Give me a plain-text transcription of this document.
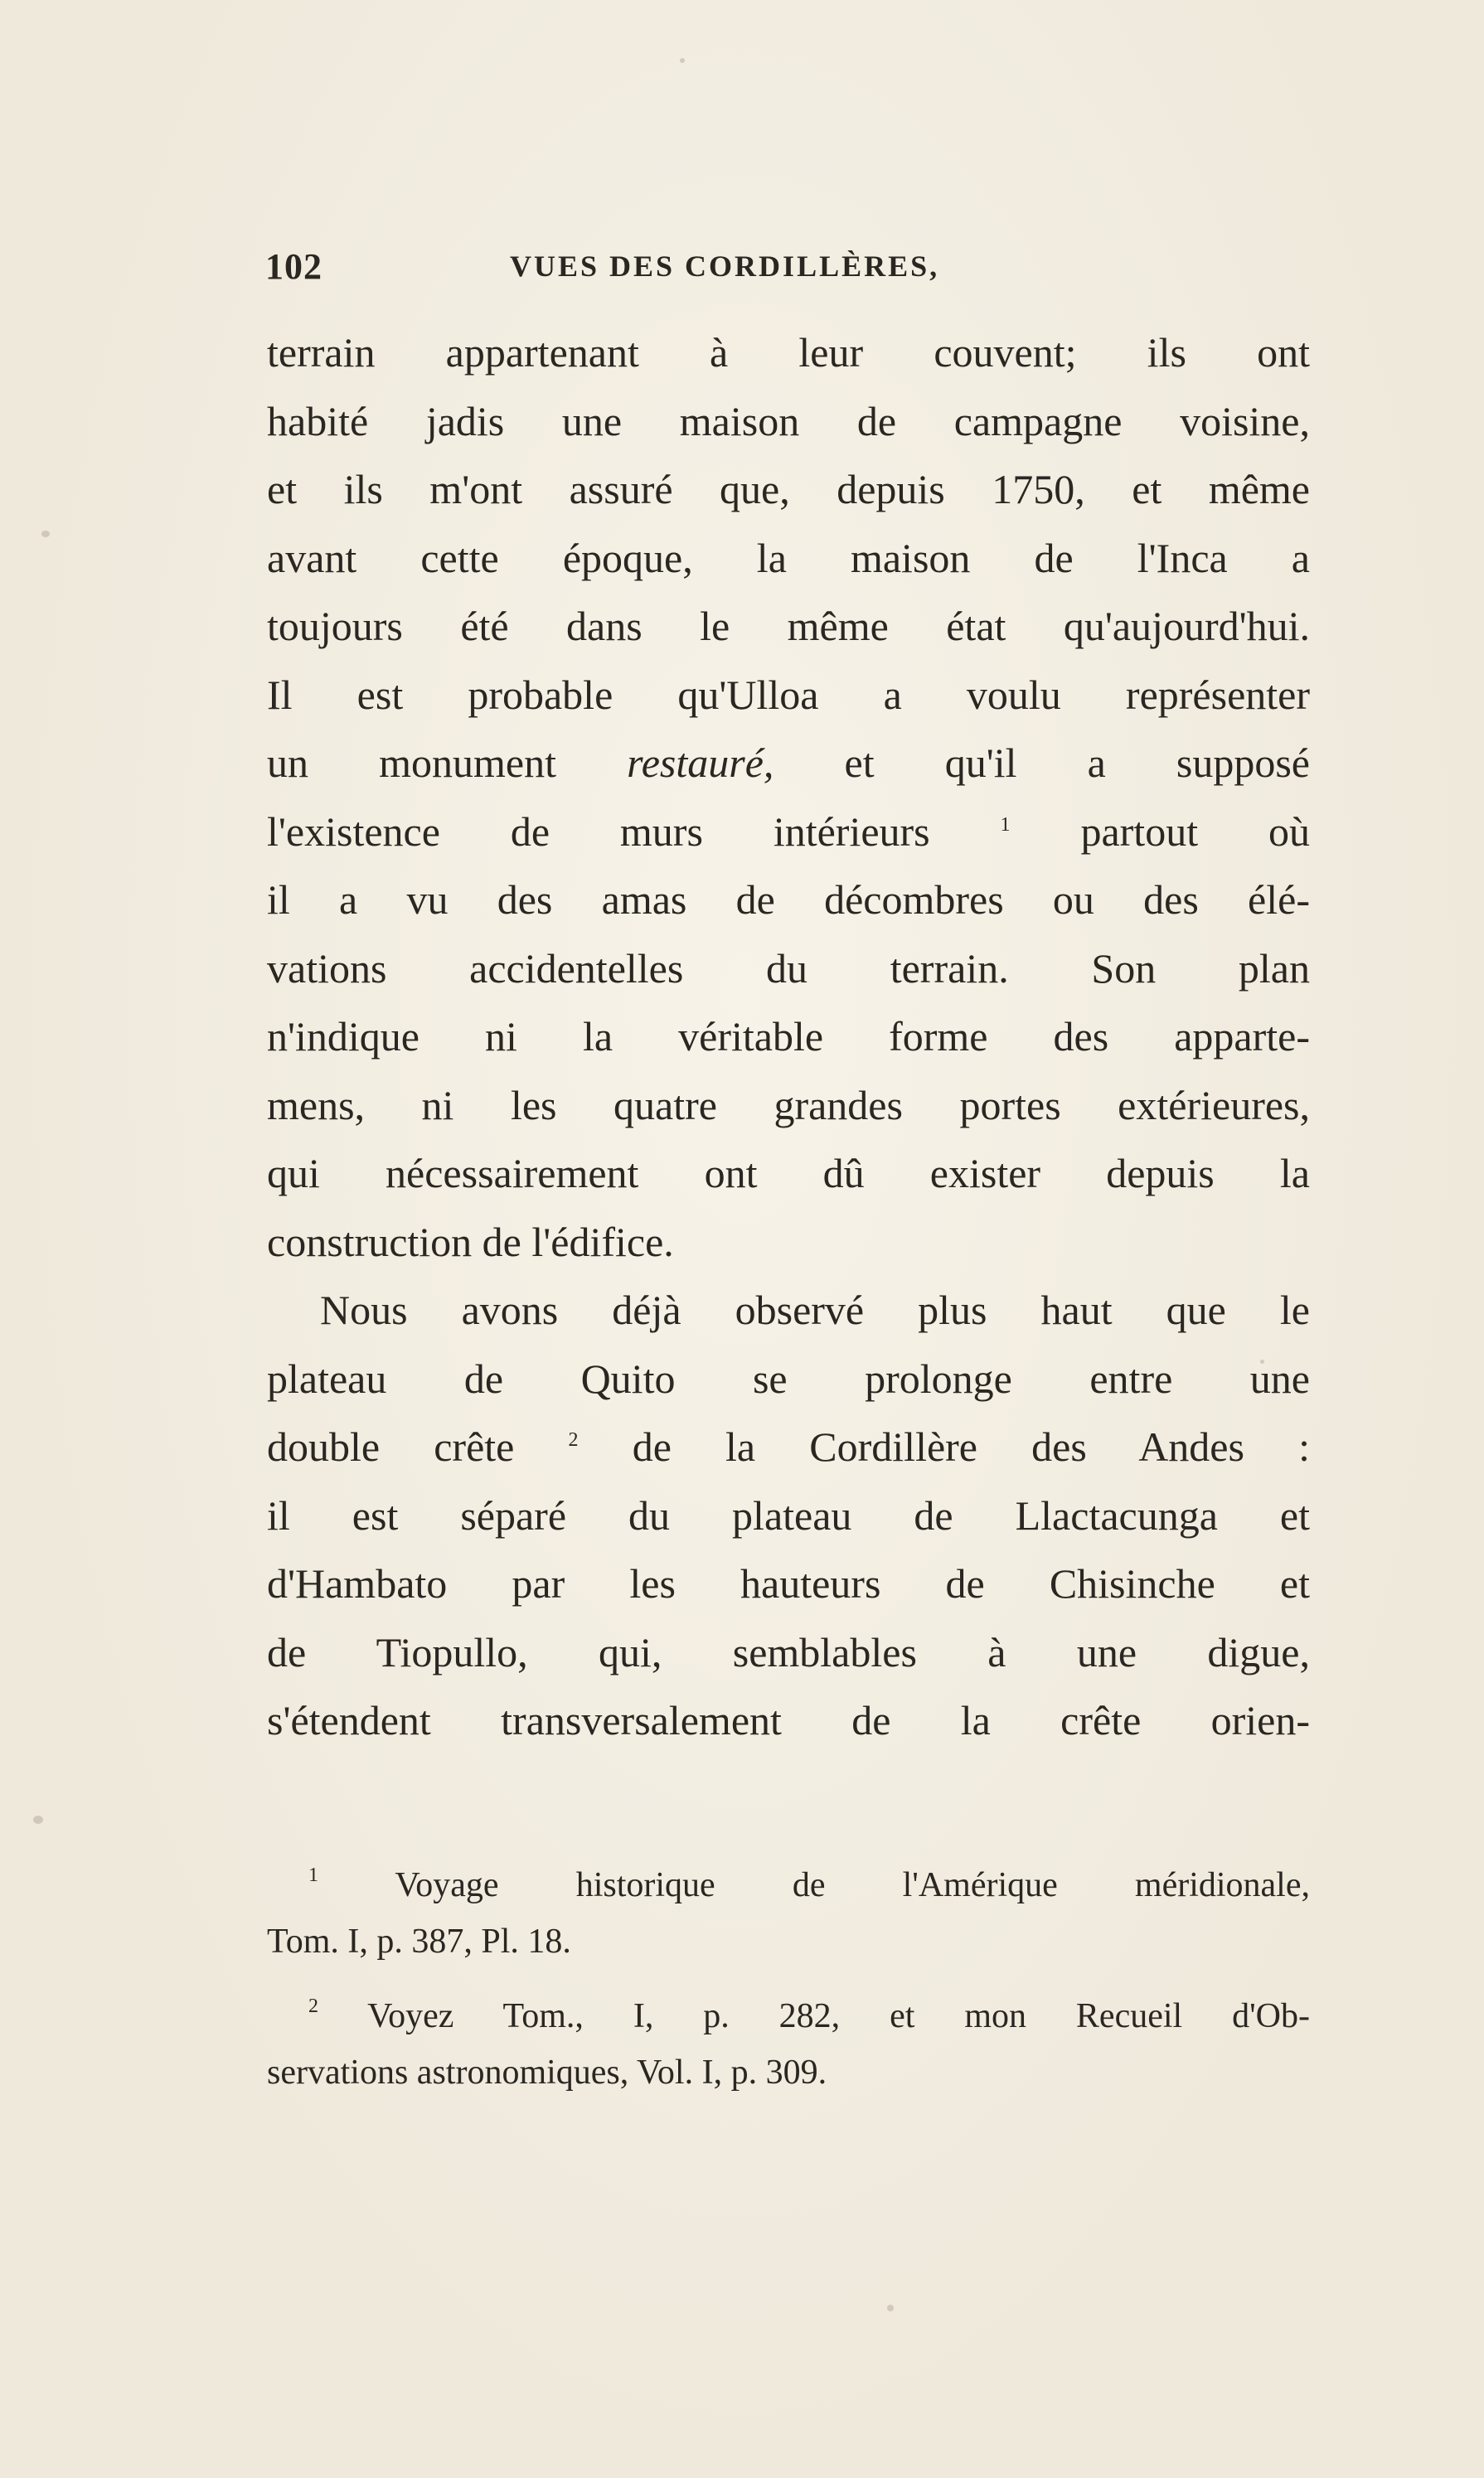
102	VUES DES CORDILLÈRES,
terrain appartenant à leur couvent; ils ont
habité jadis une maison de campagne voisine,
et ils m'ont assuré que, depuis 1750, et même
avant cette époque, la maison de l'Inca a
toujours été dans le même état qu'aujourd'hui.
Il est probable qu'Ulloa a voulu représenter
un monument restauré, et qu'il a supposé
l'existence de murs intérieurs $^1$ partout où
il a vu des amas de décombres ou des élé-
vations accidentelles du terrain. Son plan
n'indique ni la véritable forme des apparte-
mens, ni les quatre grandes portes extérieures,
qui nécessairement ont dû exister depuis la
construction de l'édifice.
Nous avons déjà observé plus haut que le
plateau de Quito se prolonge entre une
double crête $^2$ de la Cordillère des Andes :
il est séparé du plateau de Llactacunga et
d'Hambato par les hauteurs de Chisinche et
de Tiopullo, qui, semblables à une digue,
s'étendent transversalement de la crête orien-
$^1$ Voyage historique de l'Amérique méridionale,
Tom. I, p. 387, Pl. 18.
$^2$ Voyez Tom., I, p. 282, et mon Recueil d'Ob-
servations astronomiques, Vol. I, p. 309.
